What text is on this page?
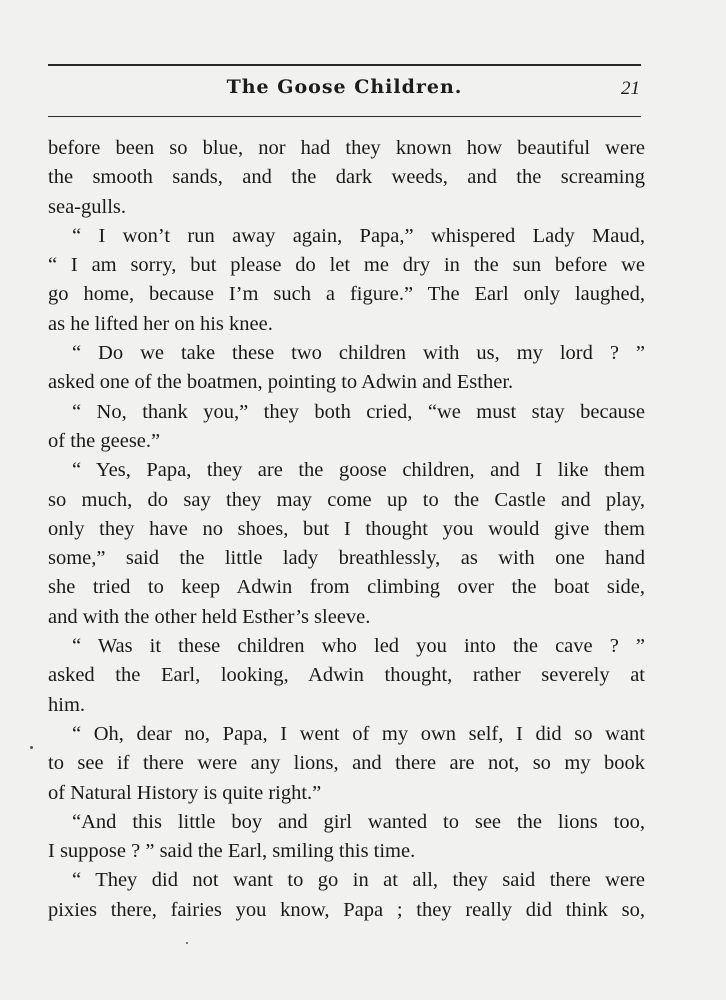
The Goose Children.	21
before been so blue, nor had they known how beautiful were
the smooth sands, and the dark weeds, and the screaming
sea-gulls.
“ I won’t run away again, Papa,” whispered Lady Maud,
“ I am sorry, but please do let me dry in the sun before we
go home, because I’m such a figure.” The Earl only laughed,
as he lifted her on his knee.
“ Do we take these two children with us, my lord ? ”
asked one of the boatmen, pointing to Adwin and Esther.
“ No, thank you,” they both cried, “we must stay because
of the geese.”
“ Yes, Papa, they are the goose children, and I like them
so much, do say they may come up to the Castle and play,
only they have no shoes, but I thought you would give them
some,” said the little lady breathlessly, as with one hand
she tried to keep Adwin from climbing over the boat side,
and with the other held Esther’s sleeve.
“ Was it these children who led you into the cave ? ”
asked the Earl, looking, Adwin thought, rather severely at
him.
“ Oh, dear no, Papa, I went of my own self, I did so want
to see if there were any lions, and there are not, so my book
of Natural History is quite right.”
“And this little boy and girl wanted to see the lions too,
I suppose ? ” said the Earl, smiling this time.
“ They did not want to go in at all, they said there were
pixies there, fairies you know, Papa ; they really did think so,
